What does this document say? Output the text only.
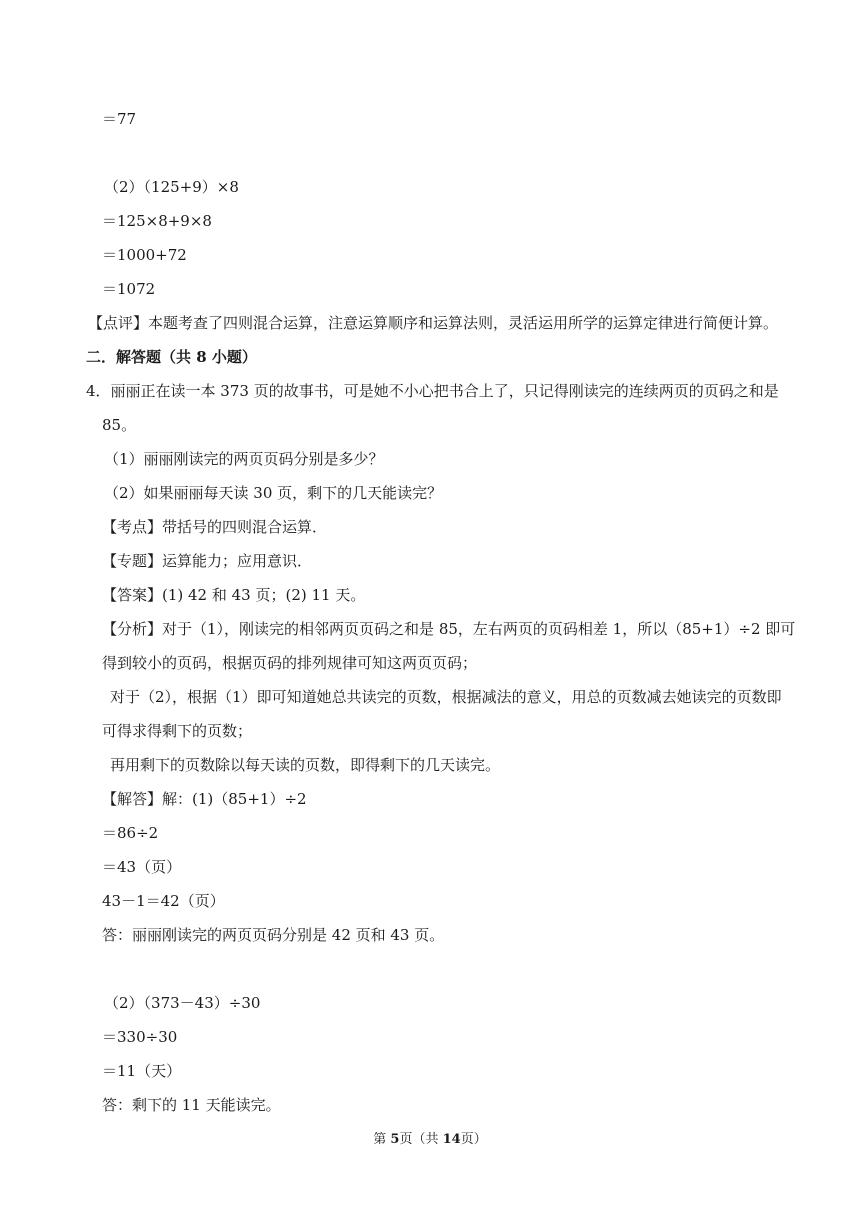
＝77
（2）（125+9）×8
＝125×8+9×8
＝1000+72
＝1072
【点评】本题考查了四则混合运算，注意运算顺序和运算法则，灵活运用所学的运算定律进行简便计算。
二．解答题（共 8 小题）
4．丽丽正在读一本 373 页的故事书，可是她不小心把书合上了，只记得刚读完的连续两页的页码之和是
85。
（1）丽丽刚读完的两页页码分别是多少？
（2）如果丽丽每天读 30 页，剩下的几天能读完？
【考点】带括号的四则混合运算．
【专题】运算能力；应用意识．
【答案】(1) 42 和 43 页；(2) 11 天。
【分析】对于（1），刚读完的相邻两页页码之和是 85，左右两页的页码相差 1，所以（85+1）÷2 即可
得到较小的页码，根据页码的排列规律可知这两页页码；
对于（2），根据（1）即可知道她总共读完的页数，根据减法的意义，用总的页数减去她读完的页数即
可得求得剩下的页数；
再用剩下的页数除以每天读的页数，即得剩下的几天读完。
【解答】解：(1)（85+1）÷2
＝86÷2
＝43（页）
43－1＝42（页）
答：丽丽刚读完的两页页码分别是 42 页和 43 页。
（2）（373－43）÷30
＝330÷30
＝11（天）
答：剩下的 11 天能读完。
第 5页（共 14页）
